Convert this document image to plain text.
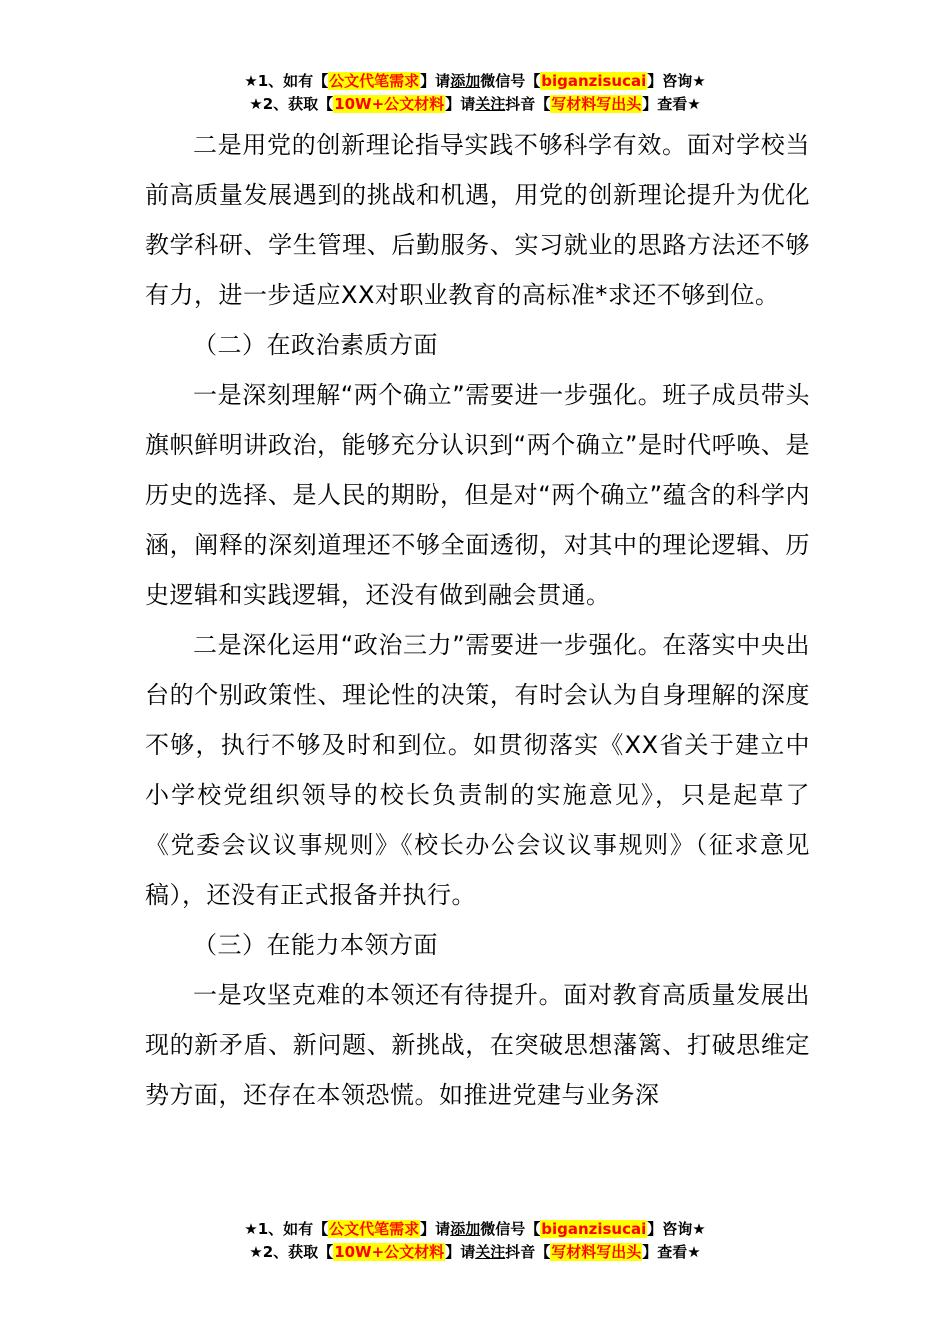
★1、如有【公文代笔需求】请添加微信号【biganzisucai】咨询★
★2、获取【10W+公文材料】请关注抖音【写材料写出头】查看★

二是用党的创新理论指导实践不够科学有效。面对学校当前高质量发展遇到的挑战和机遇，用党的创新理论提升为优化教学科研、学生管理、后勤服务、实习就业的思路方法还不够有力，进一步适应XX对职业教育的高标准*求还不够到位。

（二）在政治素质方面

一是深刻理解“两个确立”需要进一步强化。班子成员带头旗帜鲜明讲政治，能够充分认识到“两个确立”是时代呼唤、是历史的选择、是人民的期盼，但是对“两个确立”蕴含的科学内涵，阐释的深刻道理还不够全面透彻，对其中的理论逻辑、历史逻辑和实践逻辑，还没有做到融会贯通。

二是深化运用“政治三力”需要进一步强化。在落实中央出台的个别政策性、理论性的决策，有时会认为自身理解的深度不够，执行不够及时和到位。如贯彻落实《XX省关于建立中小学校党组织领导的校长负责制的实施意见》，只是起草了《党委会议议事规则》《校长办公会议议事规则》（征求意见稿），还没有正式报备并执行。

（三）在能力本领方面

一是攻坚克难的本领还有待提升。面对教育高质量发展出现的新矛盾、新问题、新挑战，在突破思想藩篱、打破思维定势方面，还存在本领恐慌。如推进党建与业务深

★1、如有【公文代笔需求】请添加微信号【biganzisucai】咨询★
★2、获取【10W+公文材料】请关注抖音【写材料写出头】查看★
